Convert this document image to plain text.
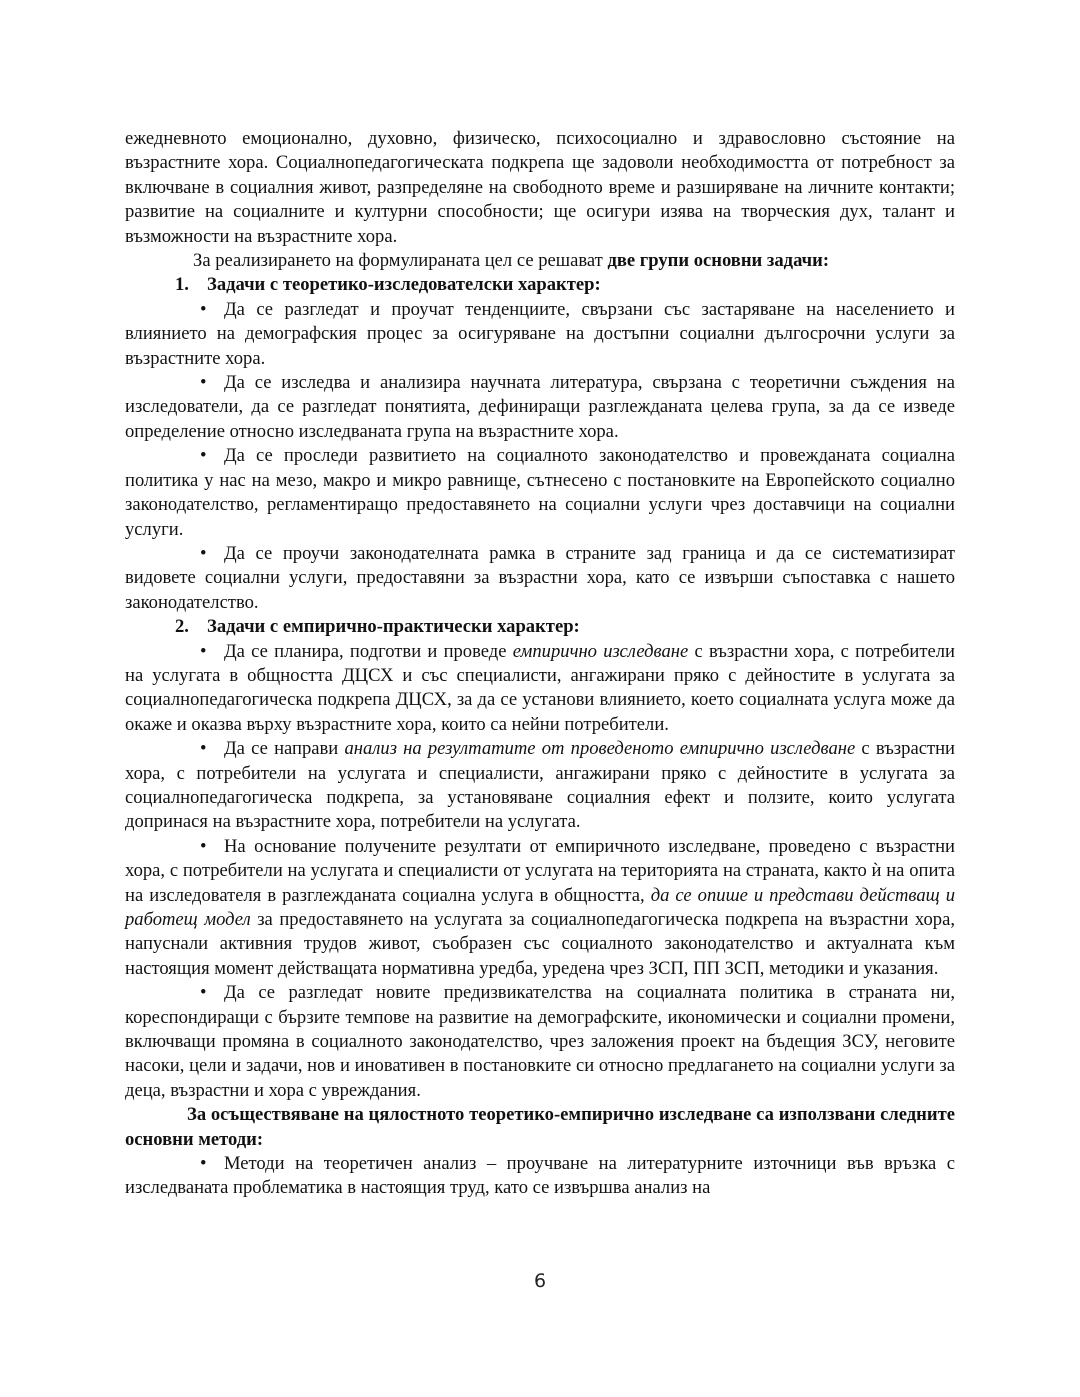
ежедневното емоционално, духовно, физическо, психосоциално и здравословно състояние на възрастните хора. Социалнопедагогическата подкрепа ще задоволи необходимостта от потребност за включване в социалния живот, разпределяне на свободното време и разширяване на личните контакти; развитие на социалните и културни способности; ще осигури изява на творческия дух, талант и възможности на възрастните хора.

За реализирането на формулираната цел се решават две групи основни задачи:

1. Задачи с теоретико-изследователски характер:

• Да се разгледат и проучат тенденциите, свързани със застаряване на населението и влиянието на демографския процес за осигуряване на достъпни социални дългосрочни услуги за възрастните хора.

• Да се изследва и анализира научната литература, свързана с теоретични съждения на изследователи, да се разгледат понятията, дефиниращи разглежданата целева група, за да се изведе определение относно изследваната група на възрастните хора.

• Да се проследи развитието на социалното законодателство и провежданата социална политика у нас на мезо, макро и микро равнище, сътнесено с постановките на Европейското социално законодателство, регламентиращо предоставянето на социални услуги чрез доставчици на социални услуги.

• Да се проучи законодателната рамка в страните зад граница и да се систематизират видовете социални услуги, предоставяни за възрастни хора, като се извърши съпоставка с нашето законодателство.

2. Задачи с емпирично-практически характер:

• Да се планира, подготви и проведе емпирично изследване с възрастни хора, с потребители на услугата в общността ДЦСХ и със специалисти, ангажирани пряко с дейностите в услугата за социалнопедагогическа подкрепа ДЦСХ, за да се установи влиянието, което социалната услуга може да окаже и оказва върху възрастните хора, които са нейни потребители.

• Да се направи анализ на резултатите от проведеното емпирично изследване с възрастни хора, с потребители на услугата и специалисти, ангажирани пряко с дейностите в услугата за социалнопедагогическа подкрепа, за установяване социалния ефект и ползите, които услугата допринася на възрастните хора, потребители на услугата.

• На основание получените резултати от емпиричното изследване, проведено с възрастни хора, с потребители на услугата и специалисти от услугата на територията на страната, както ѝ на опита на изследователя в разглежданата социална услуга в общността, да се опише и представи действащ и работещ модел за предоставянето на услугата за социалнопедагогическа подкрепа на възрастни хора, напуснали активния трудов живот, съобразен със социалното законодателство и актуалната към настоящия момент действащата нормативна уредба, уредена чрез ЗСП, ПП ЗСП, методики и указания.

• Да се разгледат новите предизвикателства на социалната политика в страната ни, кореспондиращи с бързите темпове на развитие на демографските, икономически и социални промени, включващи промяна в социалното законодателство, чрез заложения проект на бъдещия ЗСУ, неговите насоки, цели и задачи, нов и иновативен в постановките си относно предлагането на социални услуги за деца, възрастни и хора с увреждания.

За осъществяване на цялостното теоретико-емпирично изследване са използвани следните основни методи:

• Методи на теоретичен анализ – проучване на литературните източници във връзка с изследваната проблематика в настоящия труд, като се извършва анализ на

6
